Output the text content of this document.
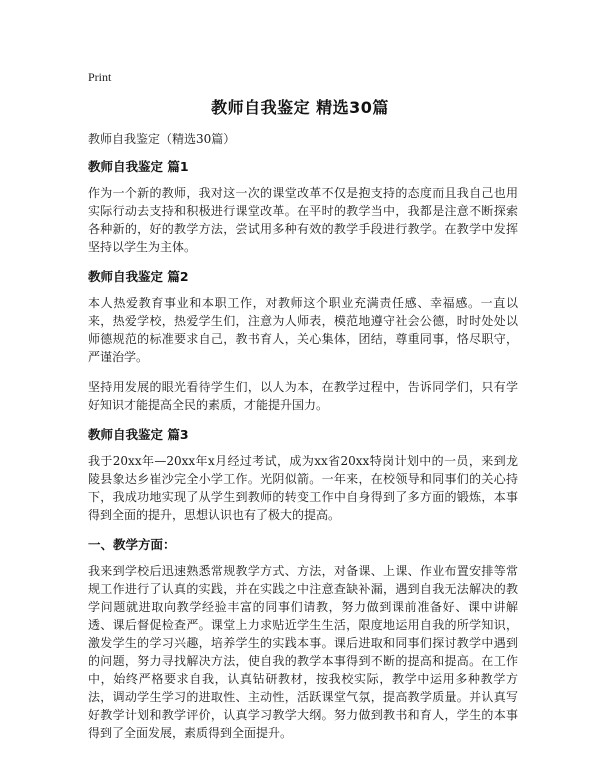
Print
教师自我鉴定 精选30篇
教师自我鉴定（精选30篇）
教师自我鉴定 篇1

作为一个新的教师，我对这一次的课堂改革不仅是抱支持的态度而且我自己也用实际行动去支持和积极进行课堂改革。在平时的教学当中，我都是注意不断探索各种新的，好的教学方法，尝试用多种有效的教学手段进行教学。在教学中发挥坚持以学生为主体。

教师自我鉴定 篇2

本人热爱教育事业和本职工作，对教师这个职业充满责任感、幸福感。一直以来，热爱学校，热爱学生们，注意为人师表，模范地遵守社会公德，时时处处以师德规范的标准要求自己，教书育人，关心集体，团结，尊重同事，恪尽职守，严谨治学。

坚持用发展的眼光看待学生们，以人为本，在教学过程中，告诉同学们，只有学好知识才能提高全民的素质，才能提升国力。

教师自我鉴定 篇3

我于20xx年—20xx年x月经过考试，成为xx省20xx特岗计划中的一员，来到龙陵县象达乡崔沙完全小学工作。光阴似箭。一年来，在校领导和同事们的关心持下，我成功地实现了从学生到教师的转变工作中自身得到了多方面的锻炼，本事得到全面的提升，思想认识也有了极大的提高。

一、教学方面：

我来到学校后迅速熟悉常规教学方式、方法，对备课、上课、作业布置安排等常规工作进行了认真的实践，并在实践之中注意查缺补漏，遇到自我无法解决的教学问题就进取向教学经验丰富的同事们请教，努力做到课前准备好、课中讲解透、课后督促检查严。课堂上力求贴近学生生活，限度地运用自我的所学知识，激发学生的学习兴趣，培养学生的实践本事。课后进取和同事们探讨教学中遇到的问题，努力寻找解决方法，使自我的教学本事得到不断的提高和提高。在工作中，始终严格要求自我，认真钻研教材，按我校实际，教学中运用多种教学方法，调动学生学习的进取性、主动性，活跃课堂气氛，提高教学质量。并认真写好教学计划和教学评价，认真学习教学大纲。努力做到教书和育人，学生的本事得到了全面发展，素质得到全面提升。
